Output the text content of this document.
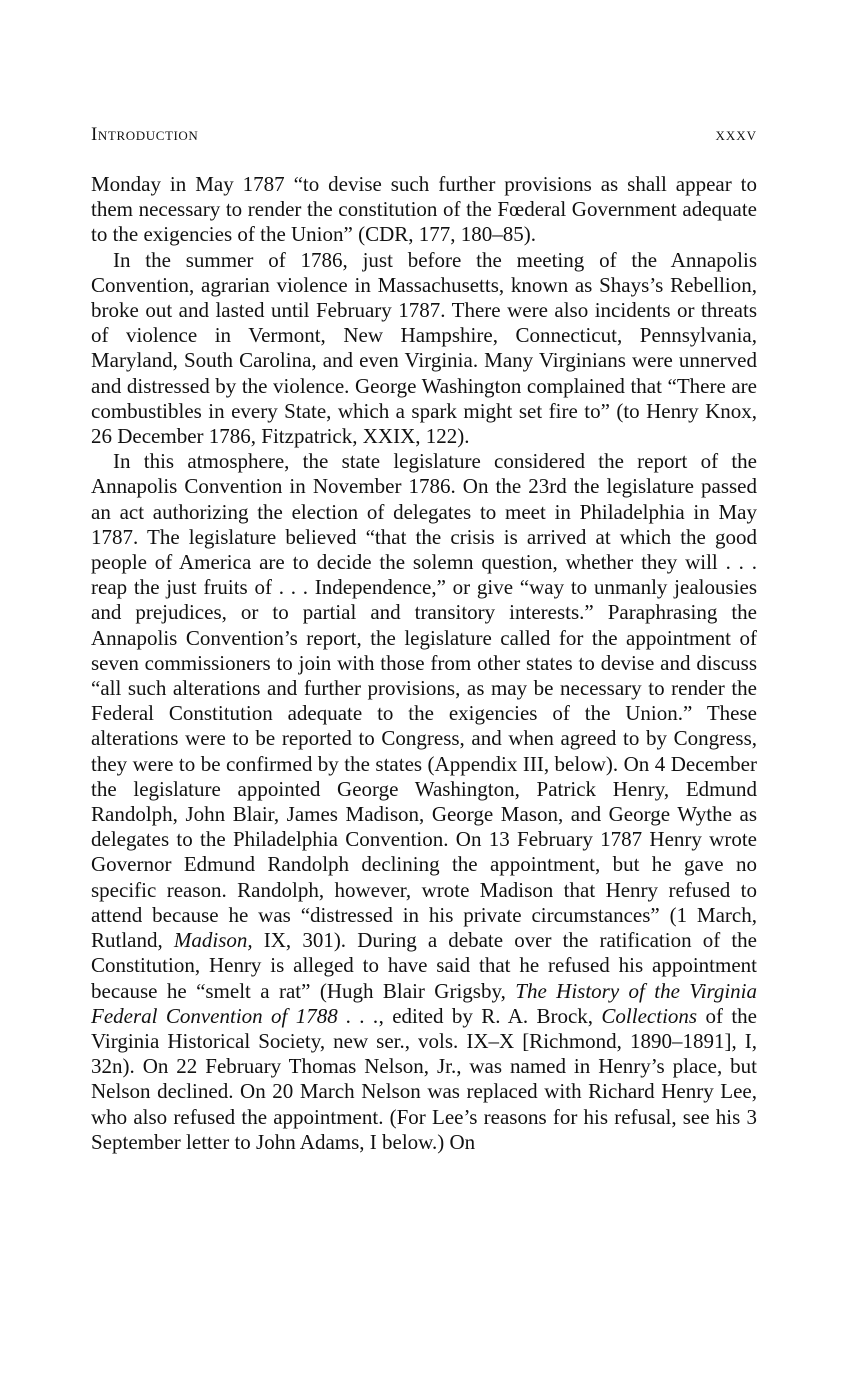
Introduction	xxxv

Monday in May 1787 “to devise such further provisions as shall appear to them necessary to render the constitution of the Fœderal Government adequate to the exigencies of the Union” (CDR, 177, 180–85).

In the summer of 1786, just before the meeting of the Annapolis Convention, agrarian violence in Massachusetts, known as Shays’s Rebellion, broke out and lasted until February 1787. There were also incidents or threats of violence in Vermont, New Hampshire, Connecticut, Pennsylvania, Maryland, South Carolina, and even Virginia. Many Virginians were unnerved and distressed by the violence. George Washington complained that “There are combustibles in every State, which a spark might set fire to” (to Henry Knox, 26 December 1786, Fitzpatrick, XXIX, 122).

In this atmosphere, the state legislature considered the report of the Annapolis Convention in November 1786. On the 23rd the legislature passed an act authorizing the election of delegates to meet in Philadelphia in May 1787. The legislature believed “that the crisis is arrived at which the good people of America are to decide the solemn question, whether they will . . . reap the just fruits of . . . Independence,” or give “way to unmanly jealousies and prejudices, or to partial and transitory interests.” Paraphrasing the Annapolis Convention’s report, the legislature called for the appointment of seven commissioners to join with those from other states to devise and discuss “all such alterations and further provisions, as may be necessary to render the Federal Constitution adequate to the exigencies of the Union.” These alterations were to be reported to Congress, and when agreed to by Congress, they were to be confirmed by the states (Appendix III, below). On 4 December the legislature appointed George Washington, Patrick Henry, Edmund Randolph, John Blair, James Madison, George Mason, and George Wythe as delegates to the Philadelphia Convention. On 13 February 1787 Henry wrote Governor Edmund Randolph declining the appointment, but he gave no specific reason. Randolph, however, wrote Madison that Henry refused to attend because he was “distressed in his private circumstances” (1 March, Rutland, Madison, IX, 301). During a debate over the ratification of the Constitution, Henry is alleged to have said that he refused his appointment because he “smelt a rat” (Hugh Blair Grigsby, The History of the Virginia Federal Convention of 1788 . . ., edited by R. A. Brock, Collections of the Virginia Historical Society, new ser., vols. IX–X [Richmond, 1890–1891], I, 32n). On 22 February Thomas Nelson, Jr., was named in Henry’s place, but Nelson declined. On 20 March Nelson was replaced with Richard Henry Lee, who also refused the appointment. (For Lee’s reasons for his refusal, see his 3 September letter to John Adams, I below.) On
